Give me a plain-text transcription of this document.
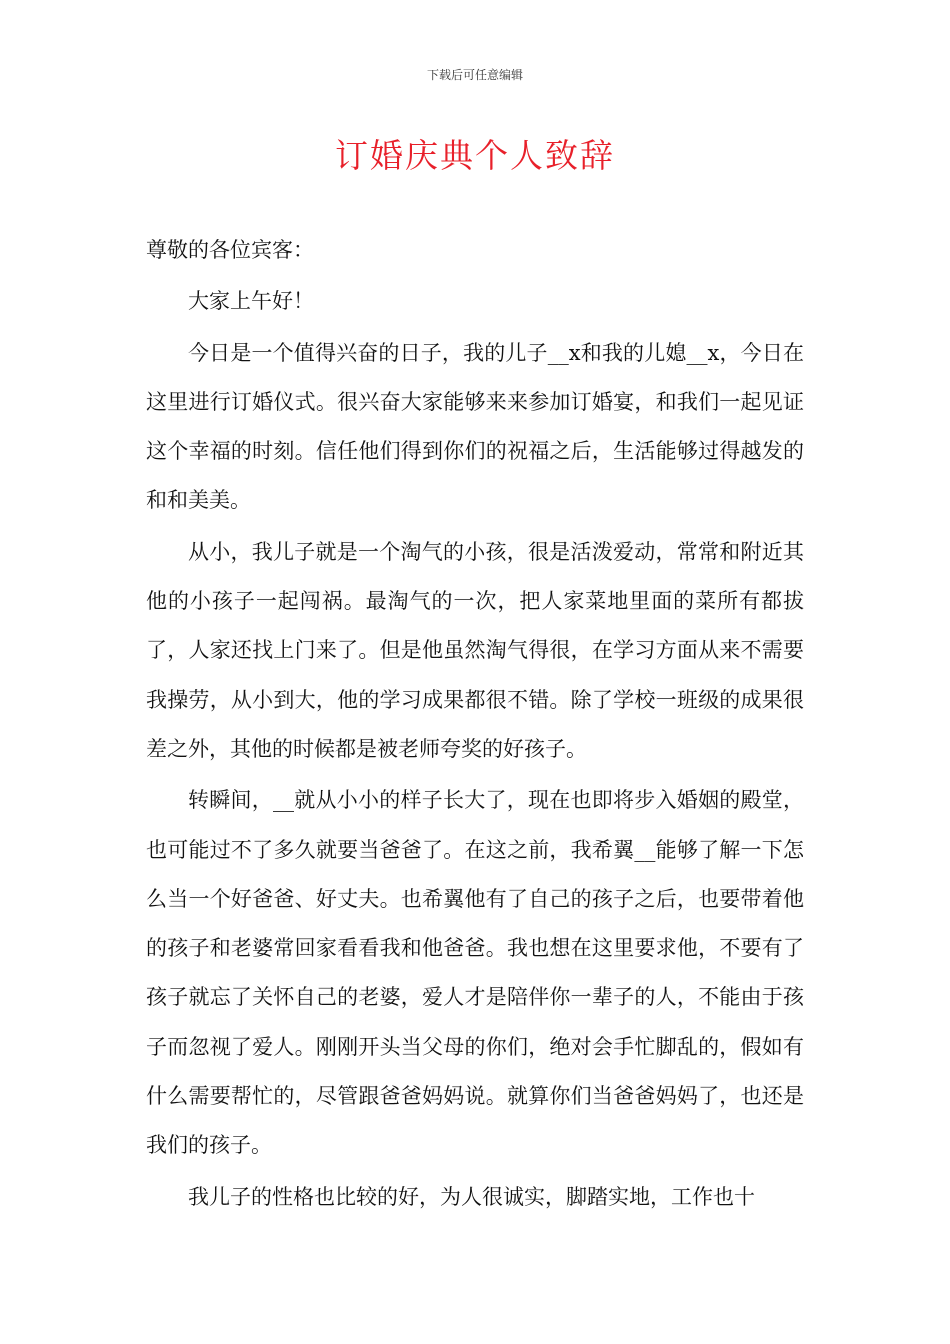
下载后可任意编辑
订婚庆典个人致辞

尊敬的各位宾客：

大家上午好！

今日是一个值得兴奋的日子，我的儿子__x和我的儿媳__x，今日在这里进行订婚仪式。很兴奋大家能够来来参加订婚宴，和我们一起见证这个幸福的时刻。信任他们得到你们的祝福之后，生活能够过得越发的和和美美。

从小，我儿子就是一个淘气的小孩，很是活泼爱动，常常和附近其他的小孩子一起闯祸。最淘气的一次，把人家菜地里面的菜所有都拔了，人家还找上门来了。但是他虽然淘气得很，在学习方面从来不需要我操劳，从小到大，他的学习成果都很不错。除了学校一班级的成果很差之外，其他的时候都是被老师夸奖的好孩子。

转瞬间，__就从小小的样子长大了，现在也即将步入婚姻的殿堂，也可能过不了多久就要当爸爸了。在这之前，我希翼__能够了解一下怎么当一个好爸爸、好丈夫。也希翼他有了自己的孩子之后，也要带着他的孩子和老婆常回家看看我和他爸爸。我也想在这里要求他，不要有了孩子就忘了关怀自己的老婆，爱人才是陪伴你一辈子的人，不能由于孩子而忽视了爱人。刚刚开头当父母的你们，绝对会手忙脚乱的，假如有什么需要帮忙的，尽管跟爸爸妈妈说。就算你们当爸爸妈妈了，也还是我们的孩子。

我儿子的性格也比较的好，为人很诚实，脚踏实地，工作也十
